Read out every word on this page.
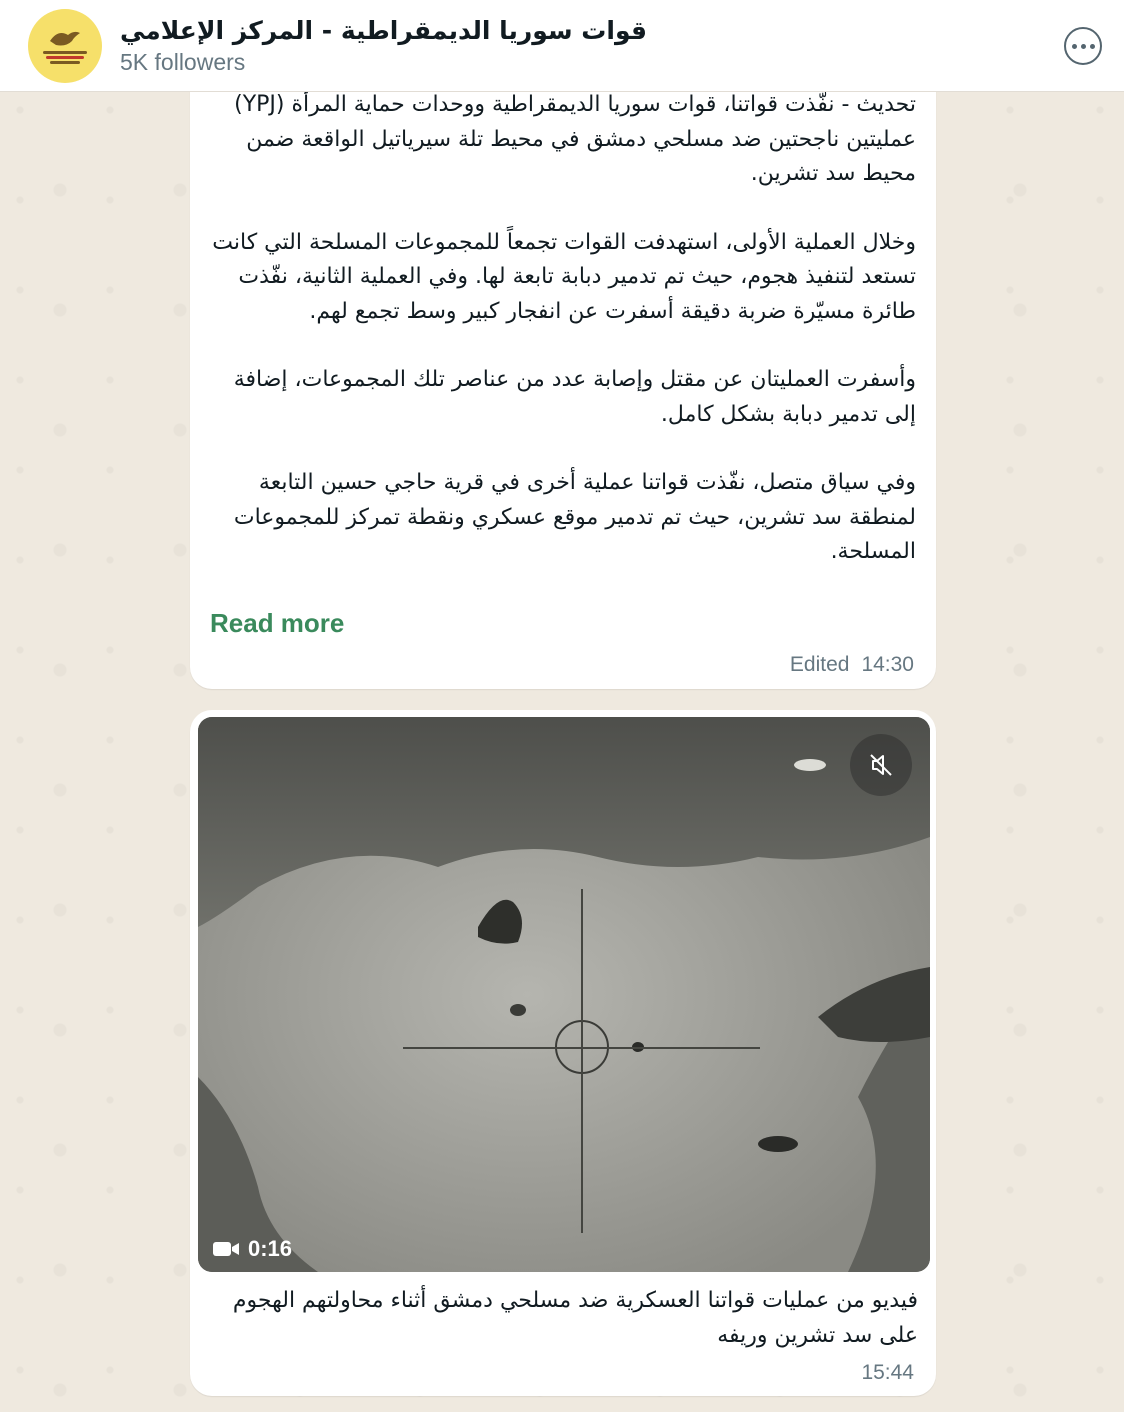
قوات سوريا الديمقراطية - المركز الإعلامي
5K followers

تحديث - نفّذت قواتنا، قوات سوريا الديمقراطية ووحدات حماية المرأة (YPJ) عمليتين ناجحتين ضد مسلحي دمشق في محيط تلة سيرياتيل الواقعة ضمن محيط سد تشرين.

وخلال العملية الأولى، استهدفت القوات تجمعاً للمجموعات المسلحة التي كانت تستعد لتنفيذ هجوم، حيث تم تدمير دبابة تابعة لها. وفي العملية الثانية، نفّذت طائرة مسيّرة ضربة دقيقة أسفرت عن انفجار كبير وسط تجمع لهم.

وأسفرت العمليتان عن مقتل وإصابة عدد من عناصر تلك المجموعات، إضافة إلى تدمير دبابة بشكل كامل.

وفي سياق متصل، نفّذت قواتنا عملية أخرى في قرية حاجي حسين التابعة لمنطقة سد تشرين، حيث تم تدمير موقع عسكري ونقطة تمركز للمجموعات المسلحة.

Read more
Edited 14:30
0:16
فيديو من عمليات قواتنا العسكرية ضد مسلحي دمشق أثناء محاولتهم الهجوم على سد تشرين وريفه
15:44
